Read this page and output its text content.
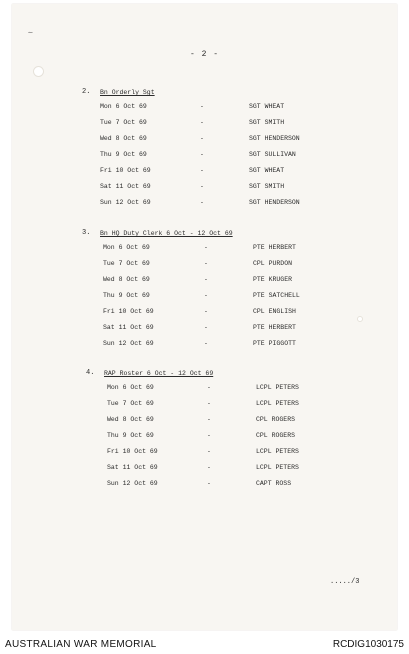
∼
- 2 -
2. Bn Orderly Sgt
Mon 6 Oct 69	-	SGT WHEAT
Tue 7 Oct 69	-	SGT SMITH
Wed 8 Oct 69	-	SGT HENDERSON
Thu 9 Oct 69	-	SGT SULLIVAN
Fri 10 Oct 69	-	SGT WHEAT
Sat 11 Oct 69	-	SGT SMITH
Sun 12 Oct 69	-	SGT HENDERSON
3. Bn HQ Duty Clerk 6 Oct - 12 Oct 69
Mon 6 Oct 69	-	PTE HERBERT
Tue 7 Oct 69	-	CPL PURDON
Wed 8 Oct 69	-	PTE KRUGER
Thu 9 Oct 69	-	PTE SATCHELL
Fri 10 Oct 69	-	CPL ENGLISH
Sat 11 Oct 69	-	PTE HERBERT
Sun 12 Oct 69	-	PTE PIGGOTT
4. RAP Roster 6 Oct - 12 Oct 69
Mon 6 Oct 69	-	LCPL PETERS
Tue 7 Oct 69	-	LCPL PETERS
Wed 8 Oct 69	-	CPL ROGERS
Thu 9 Oct 69	-	CPL ROGERS
Fri 10 Oct 69	-	LCPL PETERS
Sat 11 Oct 69	-	LCPL PETERS
Sun 12 Oct 69	-	CAPT ROSS
...../3
AUSTRALIAN WAR MEMORIAL	RCDIG1030175
